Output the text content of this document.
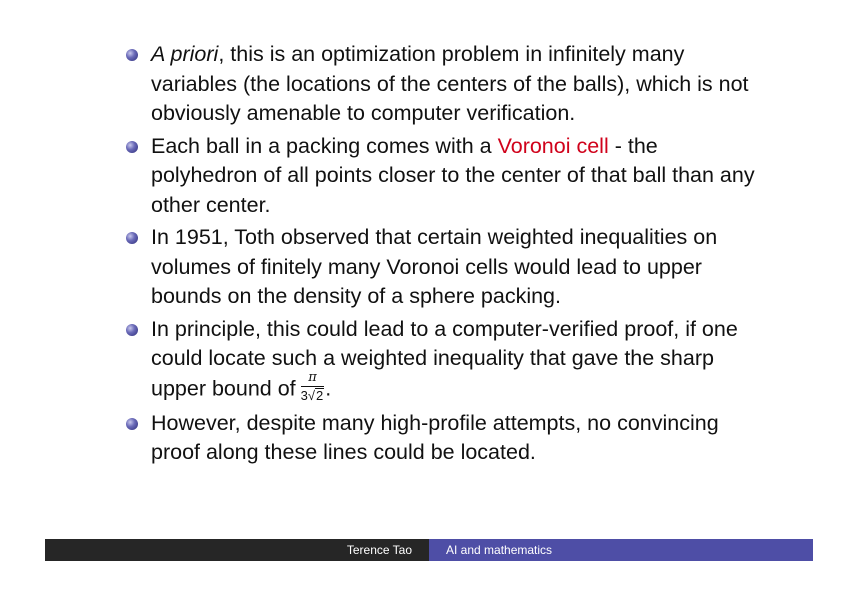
A priori, this is an optimization problem in infinitely many variables (the locations of the centers of the balls), which is not obviously amenable to computer verification.
Each ball in a packing comes with a Voronoi cell - the polyhedron of all points closer to the center of that ball than any other center.
In 1951, Toth observed that certain weighted inequalities on volumes of finitely many Voronoi cells would lead to upper bounds on the density of a sphere packing.
In principle, this could lead to a computer-verified proof, if one could locate such a weighted inequality that gave the sharp upper bound of $\frac{\pi}{3√2}$ .
However, despite many high-profile attempts, no convincing proof along these lines could be located.
Terence Tao	AI and mathematics
